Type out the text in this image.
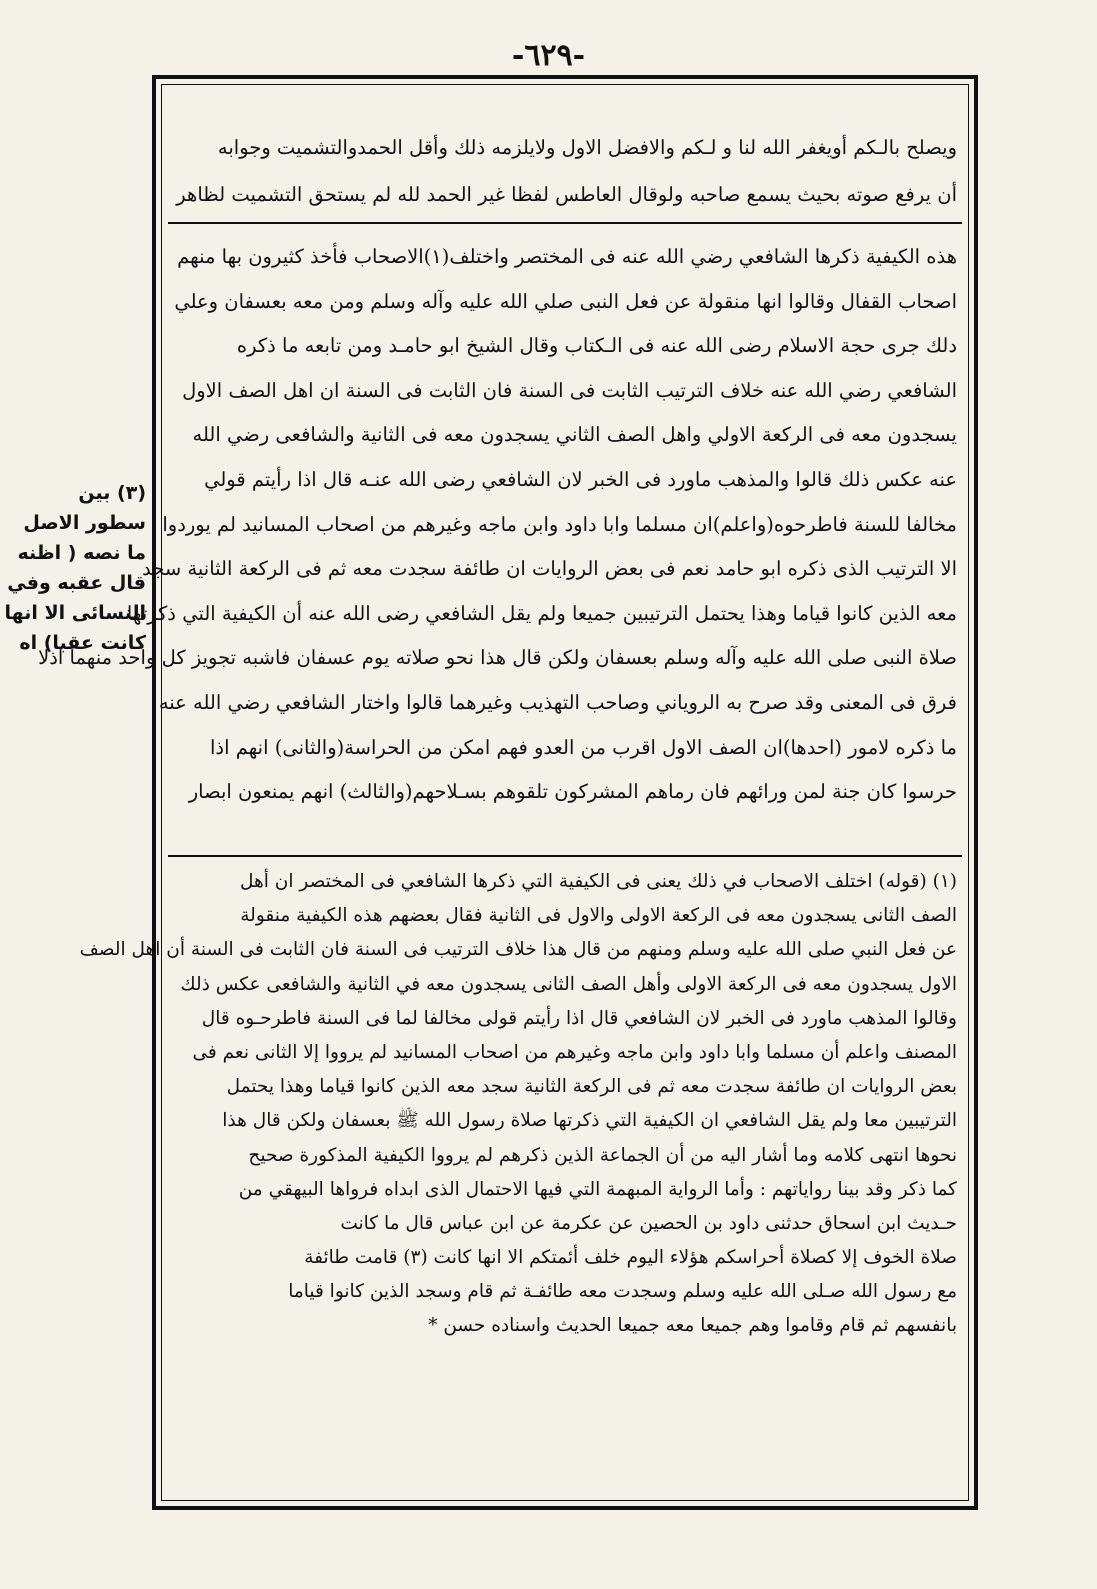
-٦٢٩-
ويصلح بالـكم أويغفر الله لنا و لـكم والافضل الاول ولايلزمه ذلك وأقل الحمدوالتشميت وجوابه
أن يرفع صوته بحيث يسمع صاحبه ولوقال العاطس لفظا غير الحمد لله لم يستحق التشميت لظاهر
هذه الكيفية ذكرها الشافعي رضي الله عنه فى المختصر واختلف(١)الاصحاب فأخذ كثيرون بها منهم
اصحاب القفال وقالوا انها منقولة عن فعل النبى صلي الله عليه وآله وسلم ومن معه بعسفان وعلي
دلك جرى حجة الاسلام رضى الله عنه فى الـكتاب وقال الشيخ ابو حامـد ومن تابعه ما ذكره
الشافعي رضي الله عنه خلاف الترتيب الثابت فى السنة فان الثابت فى السنة ان اهل الصف الاول
يسجدون معه فى الركعة الاولي واهل الصف الثاني يسجدون معه فى الثانية والشافعى رضي الله
عنه عكس ذلك قالوا والمذهب ماورد فى الخبر لان الشافعي رضى الله عنـه قال اذا رأيتم قولي
مخالفا للسنة فاطرحوه(واعلم)ان مسلما وابا داود وابن ماجه وغيرهم من اصحاب المسانيد لم يوردوا
الا الترتيب الذى ذكره ابو حامد نعم فى بعض الروايات ان طائفة سجدت معه ثم فى الركعة الثانية سجد
معه الذين كانوا قياما وهذا يحتمل الترتيبين جميعا ولم يقل الشافعي رضى الله عنه أن الكيفية التي ذكرتها
صلاة النبى صلى الله عليه وآله وسلم بعسفان ولكن قال هذا نحو صلاته يوم عسفان فاشبه تجويز كل واحد منهما اذلا
فرق فى المعنى وقد صرح به الروياني وصاحب التهذيب وغيرهما قالوا واختار الشافعي رضي الله عنه
ما ذكره لامور (احدها)ان الصف الاول اقرب من العدو فهم امكن من الحراسة(والثانى) انهم اذا
حرسوا كان جنة لمن ورائهم فان رماهم المشركون تلقوهم بسـلاحهم(والثالث) انهم يمنعون ابصار
(١) (قوله) اختلف الاصحاب في ذلك يعنى فى الكيفية التي ذكرها الشافعي فى المختصر ان أهل
الصف الثانى يسجدون معه فى الركعة الاولى والاول فى الثانية فقال بعضهم هذه الكيفية منقولة
عن فعل النبي صلى الله عليه وسلم ومنهم من قال هذا خلاف الترتيب فى السنة فان الثابت فى السنة أن اهل الصف
الاول يسجدون معه فى الركعة الاولى وأهل الصف الثانى يسجدون معه في الثانية والشافعى عكس ذلك
وقالوا المذهب ماورد فى الخبر لان الشافعي قال اذا رأيتم قولى مخالفا لما فى السنة فاطرحـوه قال
المصنف واعلم أن مسلما وابا داود وابن ماجه وغيرهم من اصحاب المسانيد لم يرووا إلا الثانى نعم فى
بعض الروايات ان طائفة سجدت معه ثم فى الركعة الثانية سجد معه الذين كانوا قياما وهذا يحتمل
الترتيبين معا ولم يقل الشافعي ان الكيفية التي ذكرتها صلاة رسول الله ﷺ بعسفان ولكن قال هذا
نحوها انتهى كلامه وما أشار اليه من أن الجماعة الذين ذكرهم لم يرووا الكيفية المذكورة صحيح
كما ذكر وقد بينا رواياتهم : وأما الرواية المبهمة التي فيها الاحتمال الذى ابداه فرواها البيهقي من
حـديث ابن اسحاق حدثنى داود بن الحصين عن عكرمة عن ابن عباس قال ما كانت
صلاة الخوف إلا كصلاة أحراسكم هؤلاء اليوم خلف أئمتكم الا انها كانت (٣) قامت طائفة
مع رسول الله صـلى الله عليه وسلم وسجدت معه طائفـة ثم قام وسجد الذين كانوا قياما
بانفسهم ثم قام وقاموا وهم جميعا معه جميعا الحديث واسناده حسن *
(٣) بين
سطور الاصل
ما نصه ( اظنه
قال عقبه وفي
النسائى الا انها
كانت عقبا) اه
